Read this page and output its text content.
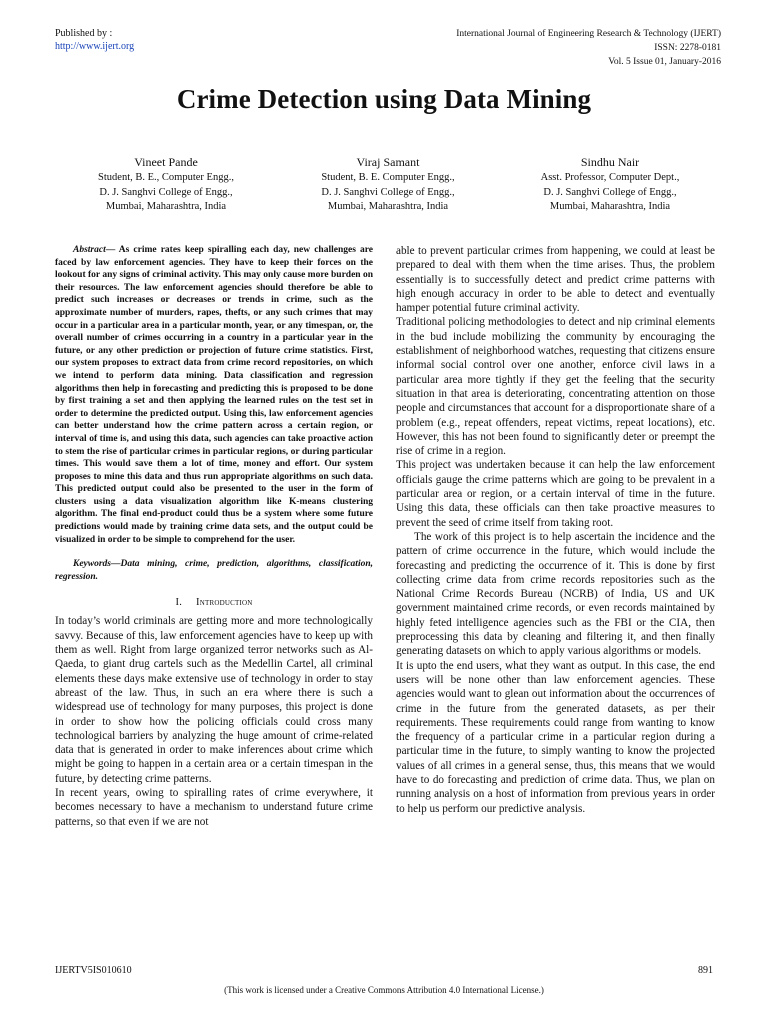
Published by :
http://www.ijert.org
International Journal of Engineering Research & Technology (IJERT)
ISSN: 2278-0181
Vol. 5 Issue 01, January-2016
Crime Detection using Data Mining
Vineet Pande
Student, B. E., Computer Engg.,
D. J. Sanghvi College of Engg.,
Mumbai, Maharashtra, India
Viraj Samant
Student, B. E. Computer Engg.,
D. J. Sanghvi College of Engg.,
Mumbai, Maharashtra, India
Sindhu Nair
Asst. Professor, Computer Dept.,
D. J. Sanghvi College of Engg.,
Mumbai, Maharashtra, India

Abstract— As crime rates keep spiralling each day, new challenges are faced by law enforcement agencies. They have to keep their forces on the lookout for any signs of criminal activity. This may only cause more burden on their resources. The law enforcement agencies should therefore be able to predict such increases or decreases or trends in crime, such as the approximate number of murders, rapes, thefts, or any such crimes that may occur in a particular area in a particular month, year, or any timespan, or, the overall number of crimes occurring in a country in a particular year in the future, or any other prediction or projection of future crime statistics. First, our system proposes to extract data from crime record repositories, on which we intend to perform data mining. Data classification and regression algorithms then help in forecasting and predicting this is proposed to be done by first training a set and then applying the learned rules on the test set in order to determine the predicted output. Using this, law enforcement agencies can better understand how the crime pattern across a certain region, or interval of time is, and using this data, such agencies can take proactive action to stem the rise of particular crimes in particular regions, or during particular times. This would save them a lot of time, money and effort. Our system proposes to mine this data and thus run appropriate algorithms on such data. This predicted output could also be presented to the user in the form of clusters using a data visualization algorithm like K-means clustering algorithm. The final end-product could thus be a system where some future predictions would made by training crime data sets, and the output could be visualized in order to be simple to comprehend for the user.

Keywords—Data mining, crime, prediction, algorithms, classification, regression.

I. Introduction

In today’s world criminals are getting more and more technologically savvy. Because of this, law enforcement agencies have to keep up with them as well. Right from large organized terror networks such as Al-Qaeda, to giant drug cartels such as the Medellin Cartel, all criminal elements these days make extensive use of technology in order to stay abreast of the law. Thus, in such an era where there is such a widespread use of technology for many purposes, this project is done in order to show how the policing officials could cross many technological barriers by analyzing the huge amount of crime-related data that is generated in order to make inferences about crime which might be going to happen in a certain area or a certain timespan in the future, by detecting crime patterns.

In recent years, owing to spiralling rates of crime everywhere, it becomes necessary to have a mechanism to understand future crime patterns, so that even if we are not

able to prevent particular crimes from happening, we could at least be prepared to deal with them when the time arises. Thus, the problem essentially is to successfully detect and predict crime patterns with high enough accuracy in order to be able to detect and eventually hamper potential future criminal activity.

Traditional policing methodologies to detect and nip criminal elements in the bud include mobilizing the community by encouraging the establishment of neighborhood watches, requesting that citizens ensure informal social control over one another, enforce civil laws in a particular area more tightly if they get the feeling that the security situation in that area is deteriorating, concentrating attention on those people and circumstances that account for a disproportionate share of a problem (e.g., repeat offenders, repeat victims, repeat locations), etc. However, this has not been found to significantly deter or preempt the rise of crime in a region.

This project was undertaken because it can help the law enforcement officials gauge the crime patterns which are going to be prevalent in a particular area or region, or a certain interval of time in the future. Using this data, these officials can then take proactive measures to prevent the seed of crime itself from taking root.

The work of this project is to help ascertain the incidence and the pattern of crime occurrence in the future, which would include the forecasting and predicting the occurrence of it. This is done by first collecting crime data from crime records repositories such as the National Crime Records Bureau (NCRB) of India, US and UK government maintained crime records, or even records maintained by highly feted intelligence agencies such as the FBI or the CIA, then preprocessing this data by cleaning and filtering it, and then finally generating datasets on which to apply various algorithms or models.

It is upto the end users, what they want as output. In this case, the end users will be none other than law enforcement agencies. These agencies would want to glean out information about the occurrences of crime in the future from the generated datasets, as per their requirements. These requirements could range from wanting to know the frequency of a particular crime in a particular region during a particular time in the future, to simply wanting to know the projected values of all crimes in a general sense, thus, this means that we would have to do forecasting and prediction of crime data. Thus, we plan on running analysis on a host of information from previous years in order to help us perform our predictive analysis.

IJERTV5IS010610	891
(This work is licensed under a Creative Commons Attribution 4.0 International License.)
